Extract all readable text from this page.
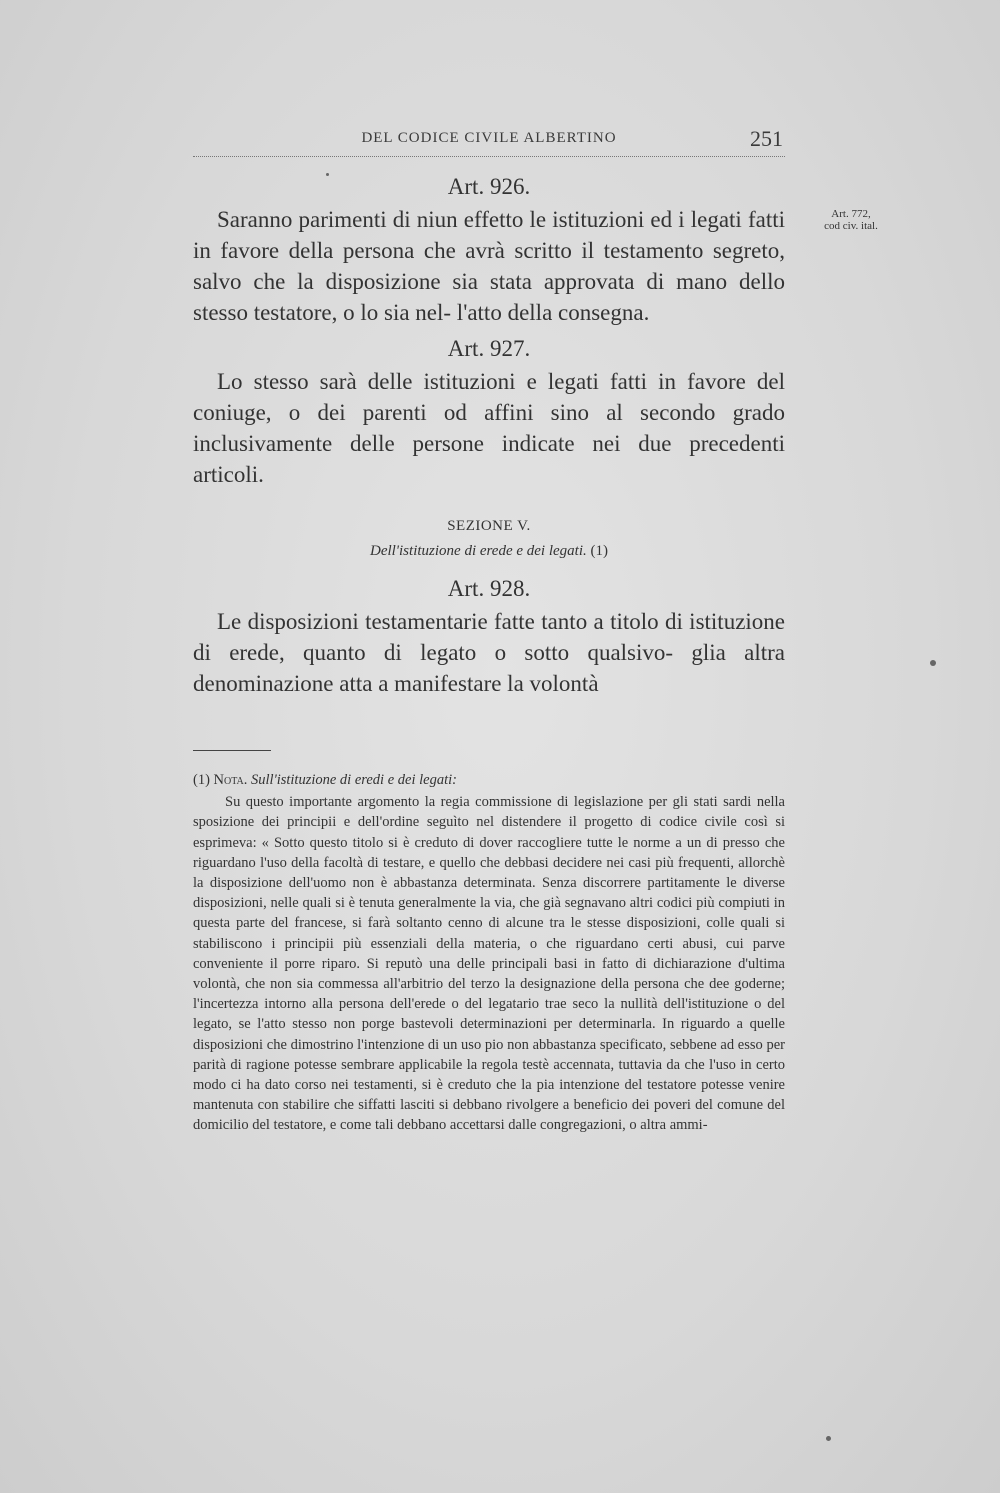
DEL CODICE CIVILE ALBERTINO	251
Art. 772,
cod civ. ital.
Art. 926.

Saranno parimenti di niun effetto le istituzioni ed i legati fatti in favore della persona che avrà scritto il testamento segreto, salvo che la disposizione sia stata approvata di mano dello stesso testatore, o lo sia nel- l'atto della consegna.

Art. 927.

Lo stesso sarà delle istituzioni e legati fatti in favore del coniuge, o dei parenti od affini sino al secondo grado inclusivamente delle persone indicate nei due precedenti articoli.

SEZIONE V.
Dell'istituzione di erede e dei legati. (1)
Art. 928.

Le disposizioni testamentarie fatte tanto a titolo di istituzione di erede, quanto di legato o sotto qualsivo- glia altra denominazione atta a manifestare la volontà

(1) Nota. Sull'istituzione di eredi e dei legati:

Su questo importante argomento la regia commissione di legislazione per gli stati sardi nella sposizione dei principii e dell'ordine seguìto nel distendere il progetto di codice civile così si esprimeva: « Sotto questo titolo si è creduto di dover raccogliere tutte le norme a un di presso che riguardano l'uso della facoltà di testare, e quello che debbasi decidere nei casi più frequenti, allorchè la disposizione dell'uomo non è abbastanza determinata. Senza discorrere partitamente le diverse disposizioni, nelle quali si è tenuta generalmente la via, che già segnavano altri codici più compiuti in questa parte del francese, si farà soltanto cenno di alcune tra le stesse disposizioni, colle quali si stabiliscono i principii più essenziali della materia, o che riguardano certi abusi, cui parve conveniente il porre riparo. Si reputò una delle principali basi in fatto di dichiarazione d'ultima volontà, che non sia commessa all'arbitrio del terzo la designazione della persona che dee goderne; l'incertezza intorno alla persona dell'erede o del legatario trae seco la nullità dell'istituzione o del legato, se l'atto stesso non porge bastevoli determinazioni per determinarla. In riguardo a quelle disposizioni che dimostrino l'intenzione di un uso pio non abbastanza specificato, sebbene ad esso per parità di ragione potesse sembrare applicabile la regola testè accennata, tuttavia da che l'uso in certo modo ci ha dato corso nei testamenti, si è creduto che la pia intenzione del testatore potesse venire mantenuta con stabilire che siffatti lasciti si debbano rivolgere a beneficio dei poveri del comune del domicilio del testatore, e come tali debbano accettarsi dalle congregazioni, o altra ammi-
